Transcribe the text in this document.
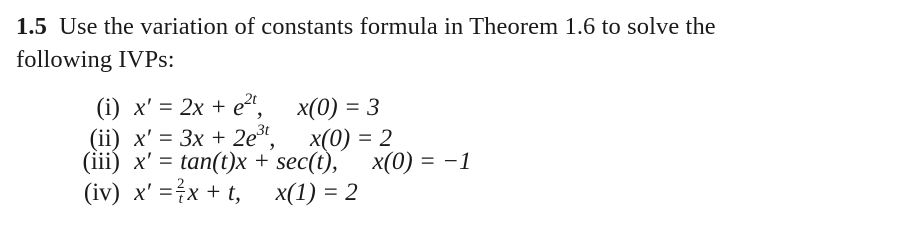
1.5 Use the variation of constants formula in Theorem 1.6 to solve the
following IVPs:
(i) $x' = 2x + e^{2t}$, x(0) = 3
(ii) $x' = 3x + 2e^{3t}$, x(0) = 2
(iii) x′ = tan(t)x + sec(t), x(0) = −1
(iv) $x' = \frac{2}{t}$ x + t, x(1) = 2
